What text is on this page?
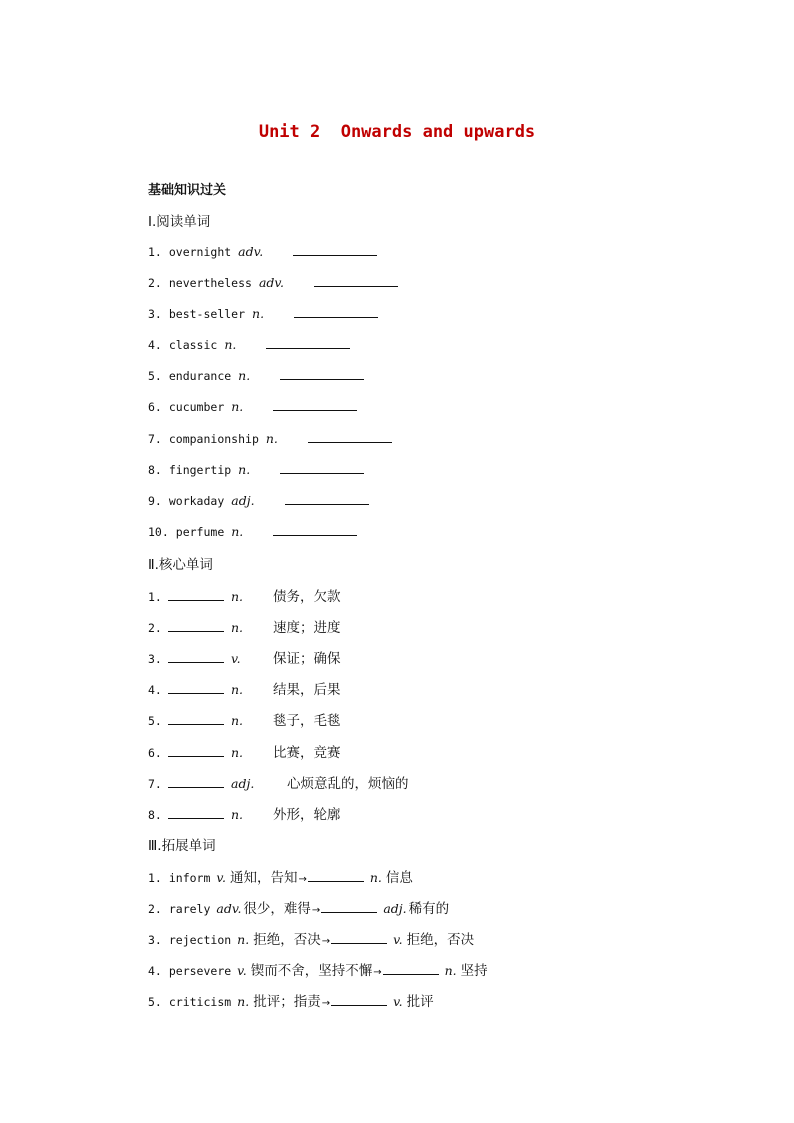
Unit 2  Onwards and upwards
基础知识过关
Ⅰ.阅读单词
1. overnight adv.
2. nevertheless adv.
3. best-seller n.
4. classic n.
5. endurance n.
6. cucumber n.
7. companionship n.
8. fingertip n.
9. workaday adj.
10. perfume n.
Ⅱ.核心单词
1.	n.	债务，欠款
2.	n.	速度；进度
3.	v.	保证；确保
4.	n.	结果，后果
5.	n.	毯子，毛毯
6.	n.	比赛，竞赛
7.	adj.	心烦意乱的，烦恼的
8.	n.	外形，轮廓
Ⅲ.拓展单词
1. inform v. 通知，告知 →	n. 信息
2. rarely adv. 很少，难得 →	adj. 稀有的
3. rejection n. 拒绝，否决 →	v. 拒绝，否决
4. persevere v. 锲而不舍，坚持不懈 →	n. 坚持
5. criticism n. 批评；指责 →	v. 批评
